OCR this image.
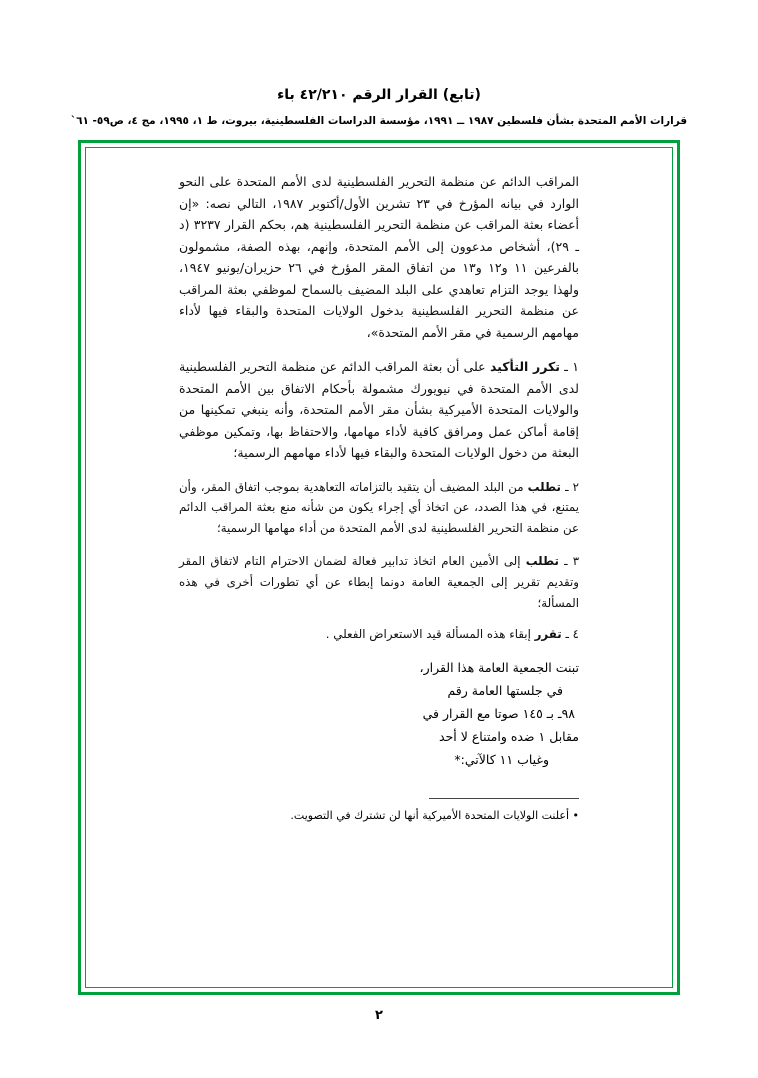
(تابع) القرار الرقم ٤٢/٢١٠ باء
قرارات الأمم المتحدة بشأن فلسطين ١٩٨٧ ــ ١٩٩١، مؤسسة الدراسات الفلسطينية، بيروت، ط ١، ١٩٩٥، مج ٤، ص٥٩- ٦١`

المراقب الدائم عن منظمة التحرير الفلسطينية لدى الأمم المتحدة على النحو الوارد في بيانه المؤرخ في ٢٣ تشرين الأول/أكتوبر ١٩٨٧، التالي نصه: «إن أعضاء بعثة المراقب عن منظمة التحرير الفلسطينية هم، بحكم القرار ٣٢٣٧ (د ـ ٢٩)، أشخاص مدعوون إلى الأمم المتحدة، وإنهم، بهذه الصفة، مشمولون بالفرعين ١١ و١٢ و١٣ من اتفاق المقر المؤرخ في ٢٦ حزيران/يونيو ١٩٤٧، ولهذا يوجد التزام تعاهدي على البلد المضيف بالسماح لموظفي بعثة المراقب عن منظمة التحرير الفلسطينية بدخول الولايات المتحدة والبقاء فيها لأداء مهامهم الرسمية في مقر الأمم المتحدة»،

١ ـ تكرر التأكيد على أن بعثة المراقب الدائم عن منظمة التحرير الفلسطينية لدى الأمم المتحدة في نيويورك مشمولة بأحكام الاتفاق بين الأمم المتحدة والولايات المتحدة الأميركية بشأن مقر الأمم المتحدة، وأنه ينبغي تمكينها من إقامة أماكن عمل ومرافق كافية لأداء مهامها، والاحتفاظ بها، وتمكين موظفي البعثة من دخول الولايات المتحدة والبقاء فيها لأداء مهامهم الرسمية؛

٢ ـ تطلب من البلد المضيف أن يتقيد بالتزاماته التعاهدية بموجب اتفاق المقر، وأن يمتنع، في هذا الصدد، عن اتخاذ أي إجراء يكون من شأنه منع بعثة المراقب الدائم عن منظمة التحرير الفلسطينية لدى الأمم المتحدة من أداء مهامها الرسمية؛

٣ ـ تطلب إلى الأمين العام اتخاذ تدابير فعالة لضمان الاحترام التام لاتفاق المقر وتقديم تقرير إلى الجمعية العامة دونما إبطاء عن أي تطورات أخرى في هذه المسألة؛

٤ ـ تقرر إبقاء هذه المسألة قيد الاستعراض الفعلي .

تبنت الجمعية العامة هذا القرار،
في جلستها العامة رقم
٩٨ـ بـ ١٤٥ صوتا مع القرار في
مقابل ١ ضده وامتناع لا أحد
وغياب ١١ كالآتي:*
• أعلنت الولايات المتحدة الأميركية أنها لن تشترك في التصويت.
٢
